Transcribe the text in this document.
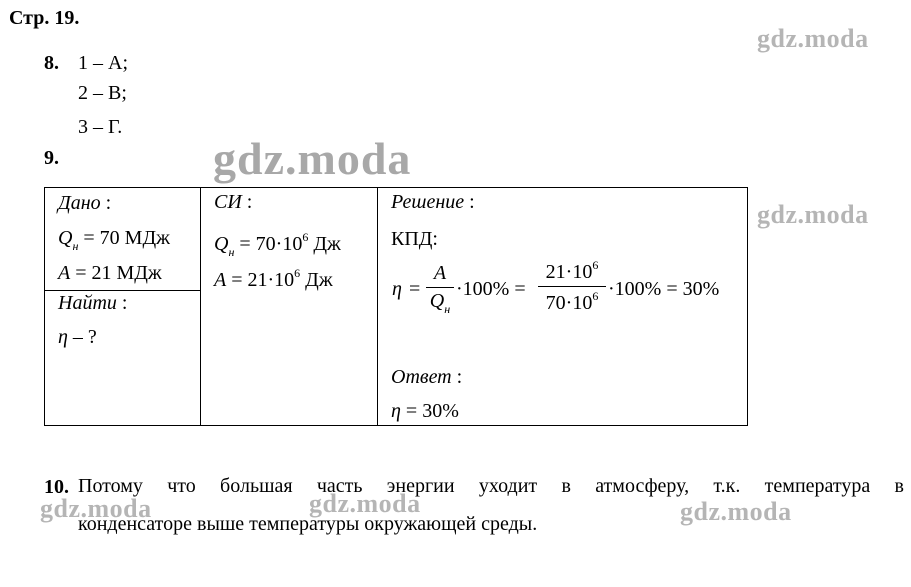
Стр. 19.
gdz.moda
gdz.moda
gdz.moda
gdz.moda	gdz.moda	gdz.moda
8. 1 – А;
2 – В;
3 – Г.
9.
Дано :
$Q_н = 70$ МДж
A = 21 МДж
Найти :
η – ?
СИ :
$Q_н = 70\cdot 10^6$ Дж
$A = 21\cdot 10^6$ Дж
Решение :
КПД:
η =
A
$Q_н$
·100% =
$21\cdot 10^6$
$70\cdot 10^6 \cdot 100\% = 30\%$
Ответ :
η = 30%
10. Потому что большая часть энергии уходит в атмосферу, т.к. температура в
конденсаторе выше температуры окружающей среды.
